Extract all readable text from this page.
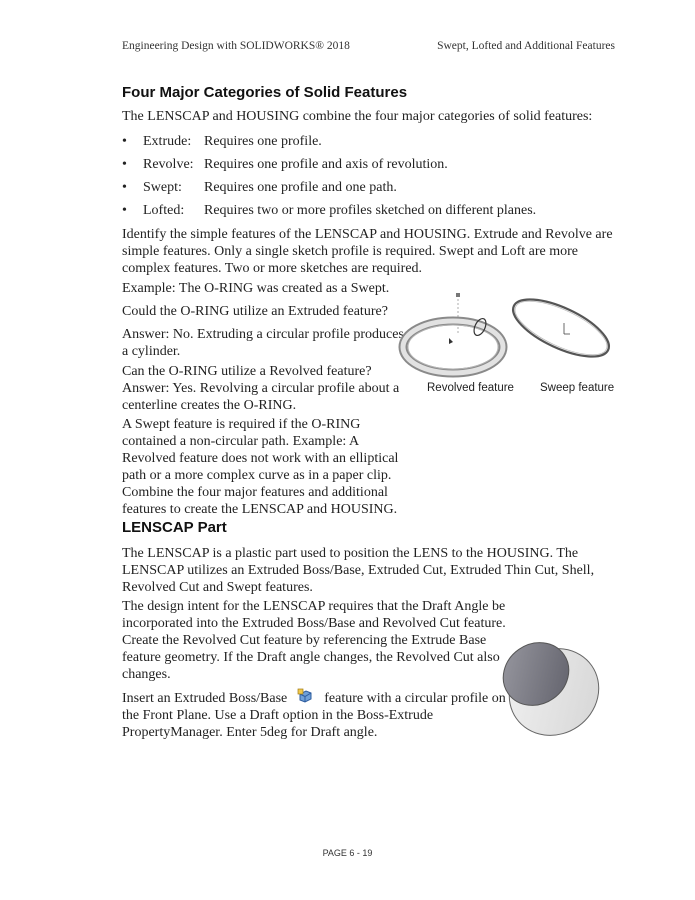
Engineering Design with SOLIDWORKS® 2018	Swept, Lofted and Additional Features
Four Major Categories of Solid Features
The LENSCAP and HOUSING combine the four major categories of solid features:
• Extrude: Requires one profile.
• Revolve: Requires one profile and axis of revolution.
• Swept: Requires one profile and one path.
• Lofted: Requires two or more profiles sketched on different planes.
Identify the simple features of the LENSCAP and HOUSING. Extrude and Revolve are
simple features. Only a single sketch profile is required. Swept and Loft are more
complex features. Two or more sketches are required.
Example: The O-RING was created as a Swept.
Could the O-RING utilize an Extruded feature?
Answer: No. Extruding a circular profile produces
a cylinder.
Can the O-RING utilize a Revolved feature?
Answer: Yes. Revolving a circular profile about a
centerline creates the O-RING.
A Swept feature is required if the O-RING
contained a non-circular path. Example: A
Revolved feature does not work with an elliptical
path or a more complex curve as in a paper clip.
Combine the four major features and additional
features to create the LENSCAP and HOUSING.
Revolved feature Sweep feature
LENSCAP Part
The LENSCAP is a plastic part used to position the LENS to the HOUSING. The
LENSCAP utilizes an Extruded Boss/Base, Extruded Cut, Extruded Thin Cut, Shell,
Revolved Cut and Swept features.
The design intent for the LENSCAP requires that the Draft Angle be
incorporated into the Extruded Boss/Base and Revolved Cut feature.
Create the Revolved Cut feature by referencing the Extrude Base
feature geometry. If the Draft angle changes, the Revolved Cut also
changes.
Insert an Extruded Boss/Base	feature with a circular profile on
the Front Plane. Use a Draft option in the Boss-Extrude
PropertyManager. Enter 5deg for Draft angle.
PAGE 6 - 19
